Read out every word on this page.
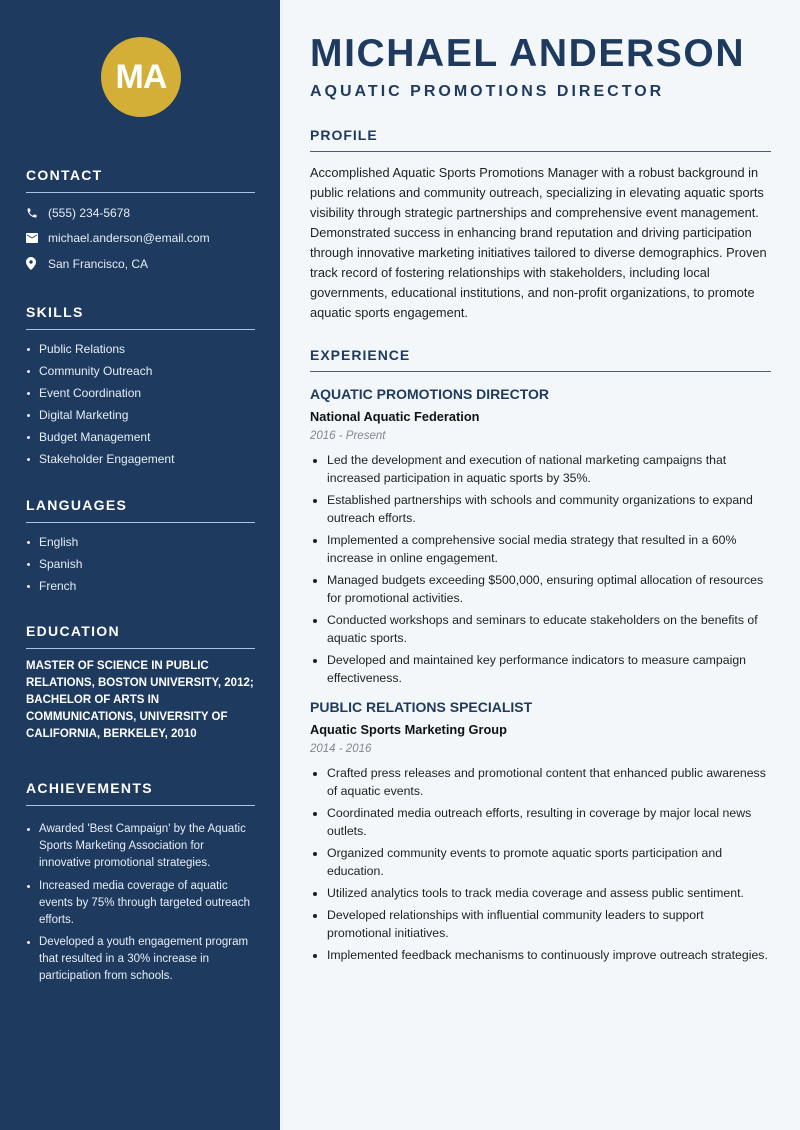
MA
CONTACT
(555) 234-5678
michael.anderson@email.com
San Francisco, CA
SKILLS
Public Relations
Community Outreach
Event Coordination
Digital Marketing
Budget Management
Stakeholder Engagement
LANGUAGES
English
Spanish
French
EDUCATION

MASTER OF SCIENCE IN PUBLIC RELATIONS, BOSTON UNIVERSITY, 2012; BACHELOR OF ARTS IN COMMUNICATIONS, UNIVERSITY OF CALIFORNIA, BERKELEY, 2010

ACHIEVEMENTS
Awarded 'Best Campaign' by the Aquatic Sports Marketing Association for innovative promotional strategies.
Increased media coverage of aquatic events by 75% through targeted outreach efforts.
Developed a youth engagement program that resulted in a 30% increase in participation from schools.
MICHAEL ANDERSON
AQUATIC PROMOTIONS DIRECTOR
PROFILE

Accomplished Aquatic Sports Promotions Manager with a robust background in public relations and community outreach, specializing in elevating aquatic sports visibility through strategic partnerships and comprehensive event management. Demonstrated success in enhancing brand reputation and driving participation through innovative marketing initiatives tailored to diverse demographics. Proven track record of fostering relationships with stakeholders, including local governments, educational institutions, and non-profit organizations, to promote aquatic sports engagement.

EXPERIENCE
AQUATIC PROMOTIONS DIRECTOR
National Aquatic Federation
2016 - Present
Led the development and execution of national marketing campaigns that increased participation in aquatic sports by 35%.
Established partnerships with schools and community organizations to expand outreach efforts.
Implemented a comprehensive social media strategy that resulted in a 60% increase in online engagement.
Managed budgets exceeding $500,000, ensuring optimal allocation of resources for promotional activities.
Conducted workshops and seminars to educate stakeholders on the benefits of aquatic sports.
Developed and maintained key performance indicators to measure campaign effectiveness.
PUBLIC RELATIONS SPECIALIST
Aquatic Sports Marketing Group
2014 - 2016
Crafted press releases and promotional content that enhanced public awareness of aquatic events.
Coordinated media outreach efforts, resulting in coverage by major local news outlets.
Organized community events to promote aquatic sports participation and education.
Utilized analytics tools to track media coverage and assess public sentiment.
Developed relationships with influential community leaders to support promotional initiatives.
Implemented feedback mechanisms to continuously improve outreach strategies.
